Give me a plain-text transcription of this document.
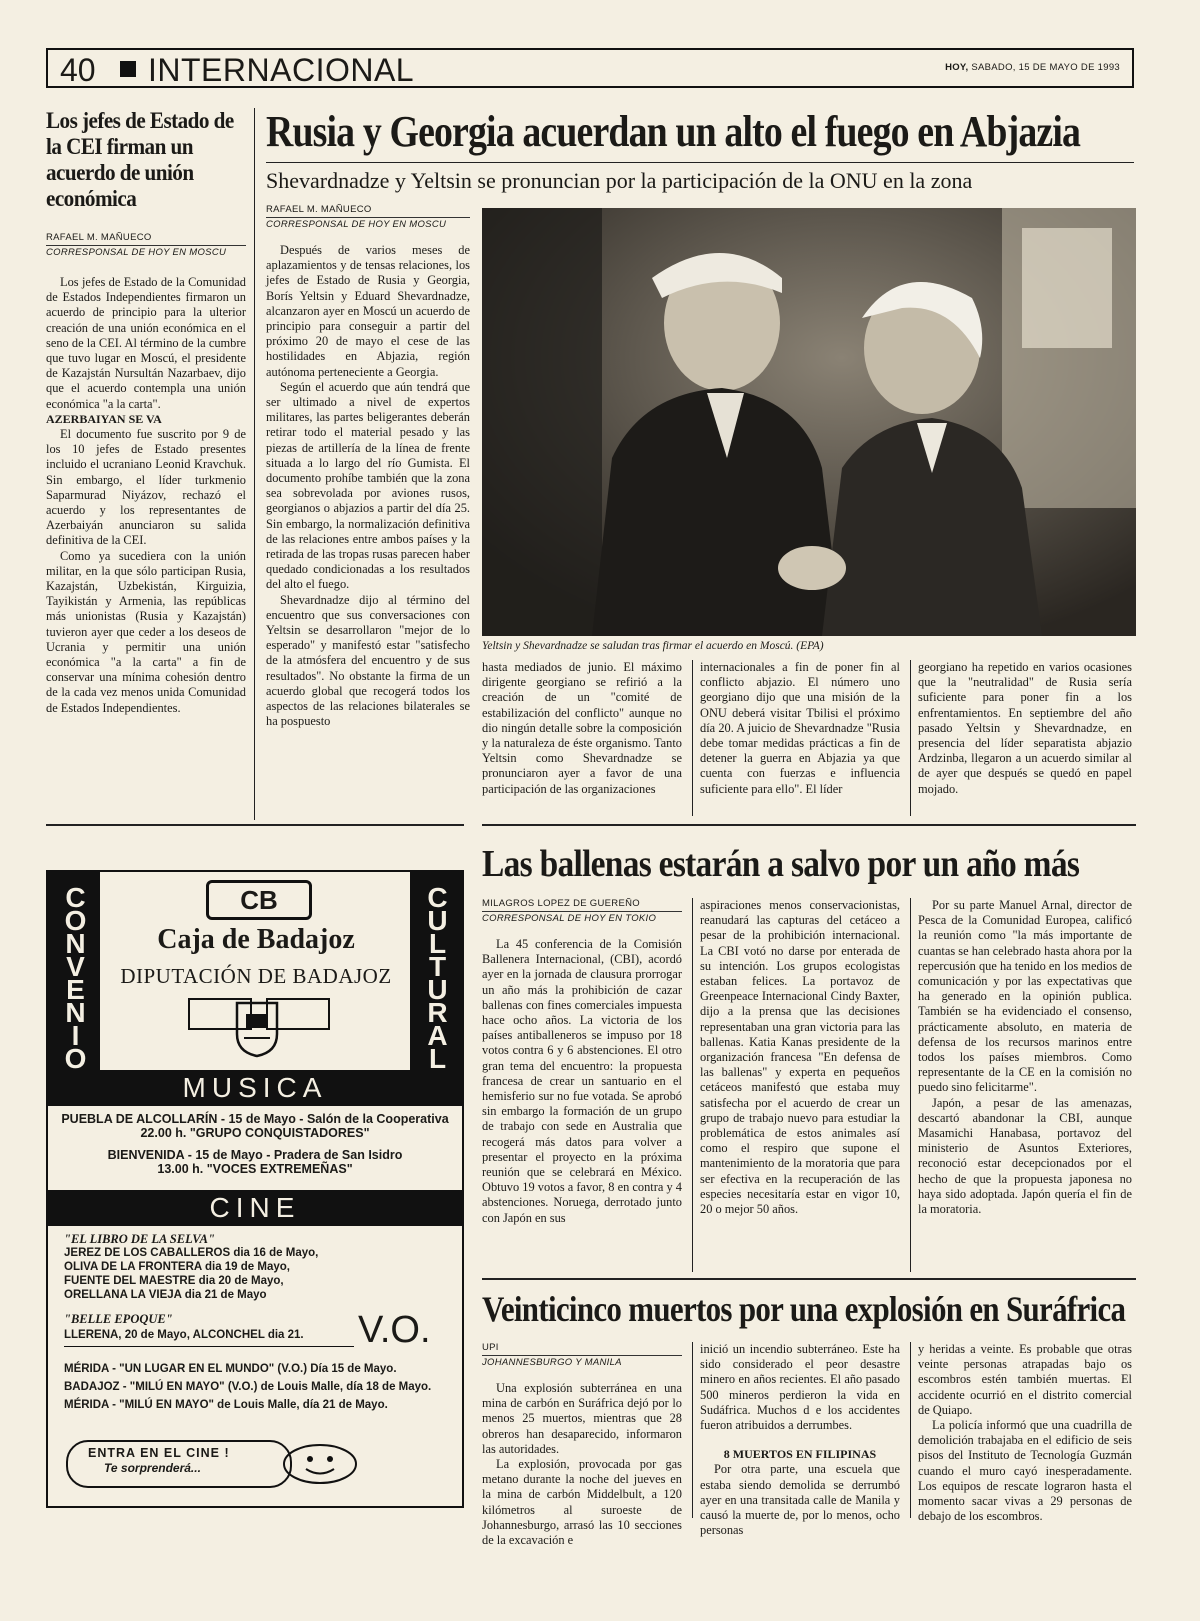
40 INTERNACIONAL	HOY, SABADO, 15 DE MAYO DE 1993
Los jefes de Estado de la CEI firman un acuerdo de unión económica
RAFAEL M. MAÑUECO
CORRESPONSAL DE HOY EN MOSCU

Los jefes de Estado de la Comunidad de Estados Independientes firmaron un acuerdo de principio para la ulterior creación de una unión económica en el seno de la CEI. Al término de la cumbre que tuvo lugar en Moscú, el presidente de Kazajstán Nursultán Nazarbaev, dijo que el acuerdo contempla una unión económica "a la carta".

AZERBAIYAN SE VA

El documento fue suscrito por 9 de los 10 jefes de Estado presentes incluido el ucraniano Leonid Kravchuk. Sin embargo, el líder turkmenio Saparmurad Niyázov, rechazó el acuerdo y los representantes de Azerbaiyán anunciaron su salida definitiva de la CEI.

Como ya sucediera con la unión militar, en la que sólo participan Rusia, Kazajstán, Uzbekistán, Kirguizia, Tayikistán y Armenia, las repúblicas más unionistas (Rusia y Kazajstán) tuvieron ayer que ceder a los deseos de Ucrania y permitir una unión económica "a la carta" a fin de conservar una mínima cohesión dentro de la cada vez menos unida Comunidad de Estados Independientes.

Rusia y Georgia acuerdan un alto el fuego en Abjazia
Shevardnadze y Yeltsin se pronuncian por la participación de la ONU en la zona
RAFAEL M. MAÑUECO
CORRESPONSAL DE HOY EN MOSCU

Después de varios meses de aplazamientos y de tensas relaciones, los jefes de Estado de Rusia y Georgia, Borís Yeltsin y Eduard Shevardnadze, alcanzaron ayer en Moscú un acuerdo de principio para conseguir a partir del próximo 20 de mayo el cese de las hostilidades en Abjazia, región autónoma perteneciente a Georgia.

Según el acuerdo que aún tendrá que ser ultimado a nivel de expertos militares, las partes beligerantes deberán retirar todo el material pesado y las piezas de artillería de la línea de frente situada a lo largo del río Gumista. El documento prohíbe también que la zona sea sobrevolada por aviones rusos, georgianos o abjazios a partir del día 25. Sin embargo, la normalización definitiva de las relaciones entre ambos países y la retirada de las tropas rusas parecen haber quedado condicionadas a los resultados del alto el fuego.

Shevardnadze dijo al término del encuentro que sus conversaciones con Yeltsin se desarrollaron "mejor de lo esperado" y manifestó estar "satisfecho de la atmósfera del encuentro y de sus resultados". No obstante la firma de un acuerdo global que recogerá todos los aspectos de las relaciones bilaterales se ha pospuesto

Yeltsin y Shevardnadze se saludan tras firmar el acuerdo en Moscú. (EPA)

hasta mediados de junio. El máximo dirigente georgiano se refirió a la creación de un "comité de estabilización del conflicto" aunque no dio ningún detalle sobre la composición y la naturaleza de éste organismo. Tanto Yeltsin como Shevardnadze se pronunciaron ayer a favor de una participación de las organizaciones

internacionales a fin de poner fin al conflicto abjazio. El número uno georgiano dijo que una misión de la ONU deberá visitar Tbilisi el próximo día 20. A juicio de Shevardnadze "Rusia debe tomar medidas prácticas a fin de detener la guerra en Abjazia ya que cuenta con fuerzas e influencia suficiente para ello". El líder

georgiano ha repetido en varios ocasiones que la "neutralidad" de Rusia sería suficiente para poner fin a los enfrentamientos. En septiembre del año pasado Yeltsin y Shevardnadze, en presencia del líder separatista abjazio Ardzinba, llegaron a un acuerdo similar al de ayer que después se quedó en papel mojado.

CONVENIO	CULTURAL
CB
Caja de Badajoz
DIPUTACIÓN DE BADAJOZ
MUSICA
PUEBLA DE ALCOLLARÍN - 15 de Mayo - Salón de la Cooperativa
22.00 h. "GRUPO CONQUISTADORES"
BIENVENIDA - 15 de Mayo - Pradera de San Isidro
13.00 h. "VOCES EXTREMEÑAS"
CINE
"EL LIBRO DE LA SELVA"
JEREZ DE LOS CABALLEROS dia 16 de Mayo,
OLIVA DE LA FRONTERA dia 19 de Mayo,
FUENTE DEL MAESTRE dia 20 de Mayo,
ORELLANA LA VIEJA dia 21 de Mayo
"BELLE EPOQUE"
LLERENA, 20 de Mayo, ALCONCHEL dia 21. V.O.
MÉRIDA - "UN LUGAR EN EL MUNDO" (V.O.) Día 15 de Mayo.
BADAJOZ - "MILÚ EN MAYO" (V.O.) de Louis Malle, día 18 de Mayo.
MÉRIDA - "MILÚ EN MAYO" de Louis Malle, día 21 de Mayo.
ENTRA EN EL CINE !
Te sorprenderá...
Las ballenas estarán a salvo por un año más
MILAGROS LOPEZ DE GUEREÑO
CORRESPONSAL DE HOY EN TOKIO

La 45 conferencia de la Comisión Ballenera Internacional, (CBI), acordó ayer en la jornada de clausura prorrogar un año más la prohibición de cazar ballenas con fines comerciales impuesta hace ocho años. La victoria de los países antiballeneros se impuso por 18 votos contra 6 y 6 abstenciones. El otro gran tema del encuentro: la propuesta francesa de crear un santuario en el hemisferio sur no fue votada. Se aprobó sin embargo la formación de un grupo de trabajo con sede en Australia que recogerá más datos para volver a presentar el proyecto en la próxima reunión que se celebrará en México. Obtuvo 19 votos a favor, 8 en contra y 4 abstenciones. Noruega, derrotado junto con Japón en sus

aspiraciones menos conservacionistas, reanudará las capturas del cetáceo a pesar de la prohibición internacional. La CBI votó no darse por enterada de su intención. Los grupos ecologistas estaban felices. La portavoz de Greenpeace Internacional Cindy Baxter, dijo a la prensa que las decisiones representaban una gran victoria para las ballenas. Katia Kanas presidente de la organización francesa "En defensa de las ballenas" y experta en pequeños cetáceos manifestó que estaba muy satisfecha por el acuerdo de crear un grupo de trabajo nuevo para estudiar la problemática de estos animales así como el respiro que supone el mantenimiento de la moratoria que para ser efectiva en la recuperación de las especies necesitaría estar en vigor 10, 20 o mejor 50 años.

Por su parte Manuel Arnal, director de Pesca de la Comunidad Europea, calificó la reunión como "la más importante de cuantas se han celebrado hasta ahora por la repercusión que ha tenido en los medios de comunicación y por las expectativas que ha generado en la opinión publica. También se ha evidenciado el consenso, prácticamente absoluto, en materia de defensa de los recursos marinos entre todos los países miembros. Como representante de la CE en la comisión no puedo sino felicitarme".

Japón, a pesar de las amenazas, descartó abandonar la CBI, aunque Masamichi Hanabasa, portavoz del ministerio de Asuntos Exteriores, reconoció estar decepcionados por el hecho de que la propuesta japonesa no haya sido adoptada. Japón quería el fin de la moratoria.

Veinticinco muertos por una explosión en Suráfrica
UPI
JOHANNESBURGO Y MANILA

Una explosión subterránea en una mina de carbón en Suráfrica dejó por lo menos 25 muertos, mientras que 28 obreros han desaparecido, informaron las autoridades.

La explosión, provocada por gas metano durante la noche del jueves en la mina de carbón Middelbult, a 120 kilómetros al suroeste de Johannesburgo, arrasó las 10 secciones de la excavación e

inició un incendio subterráneo. Este ha sido considerado el peor desastre minero en años recientes. El año pasado 500 mineros perdieron la vida en Sudáfrica. Muchos d e los accidentes fueron atribuidos a derrumbes.

8 MUERTOS EN FILIPINAS

Por otra parte, una escuela que estaba siendo demolida se derrumbó ayer en una transitada calle de Manila y causó la muerte de, por lo menos, ocho personas

y heridas a veinte. Es probable que otras veinte personas atrapadas bajo os escombros estén también muertas. El accidente ocurrió en el distrito comercial de Quiapo.

La policía informó que una cuadrilla de demolición trabajaba en el edificio de seis pisos del Instituto de Tecnología Guzmán cuando el muro cayó inesperadamente. Los equipos de rescate lograron hasta el momento sacar vivas a 29 personas de debajo de los escombros.
